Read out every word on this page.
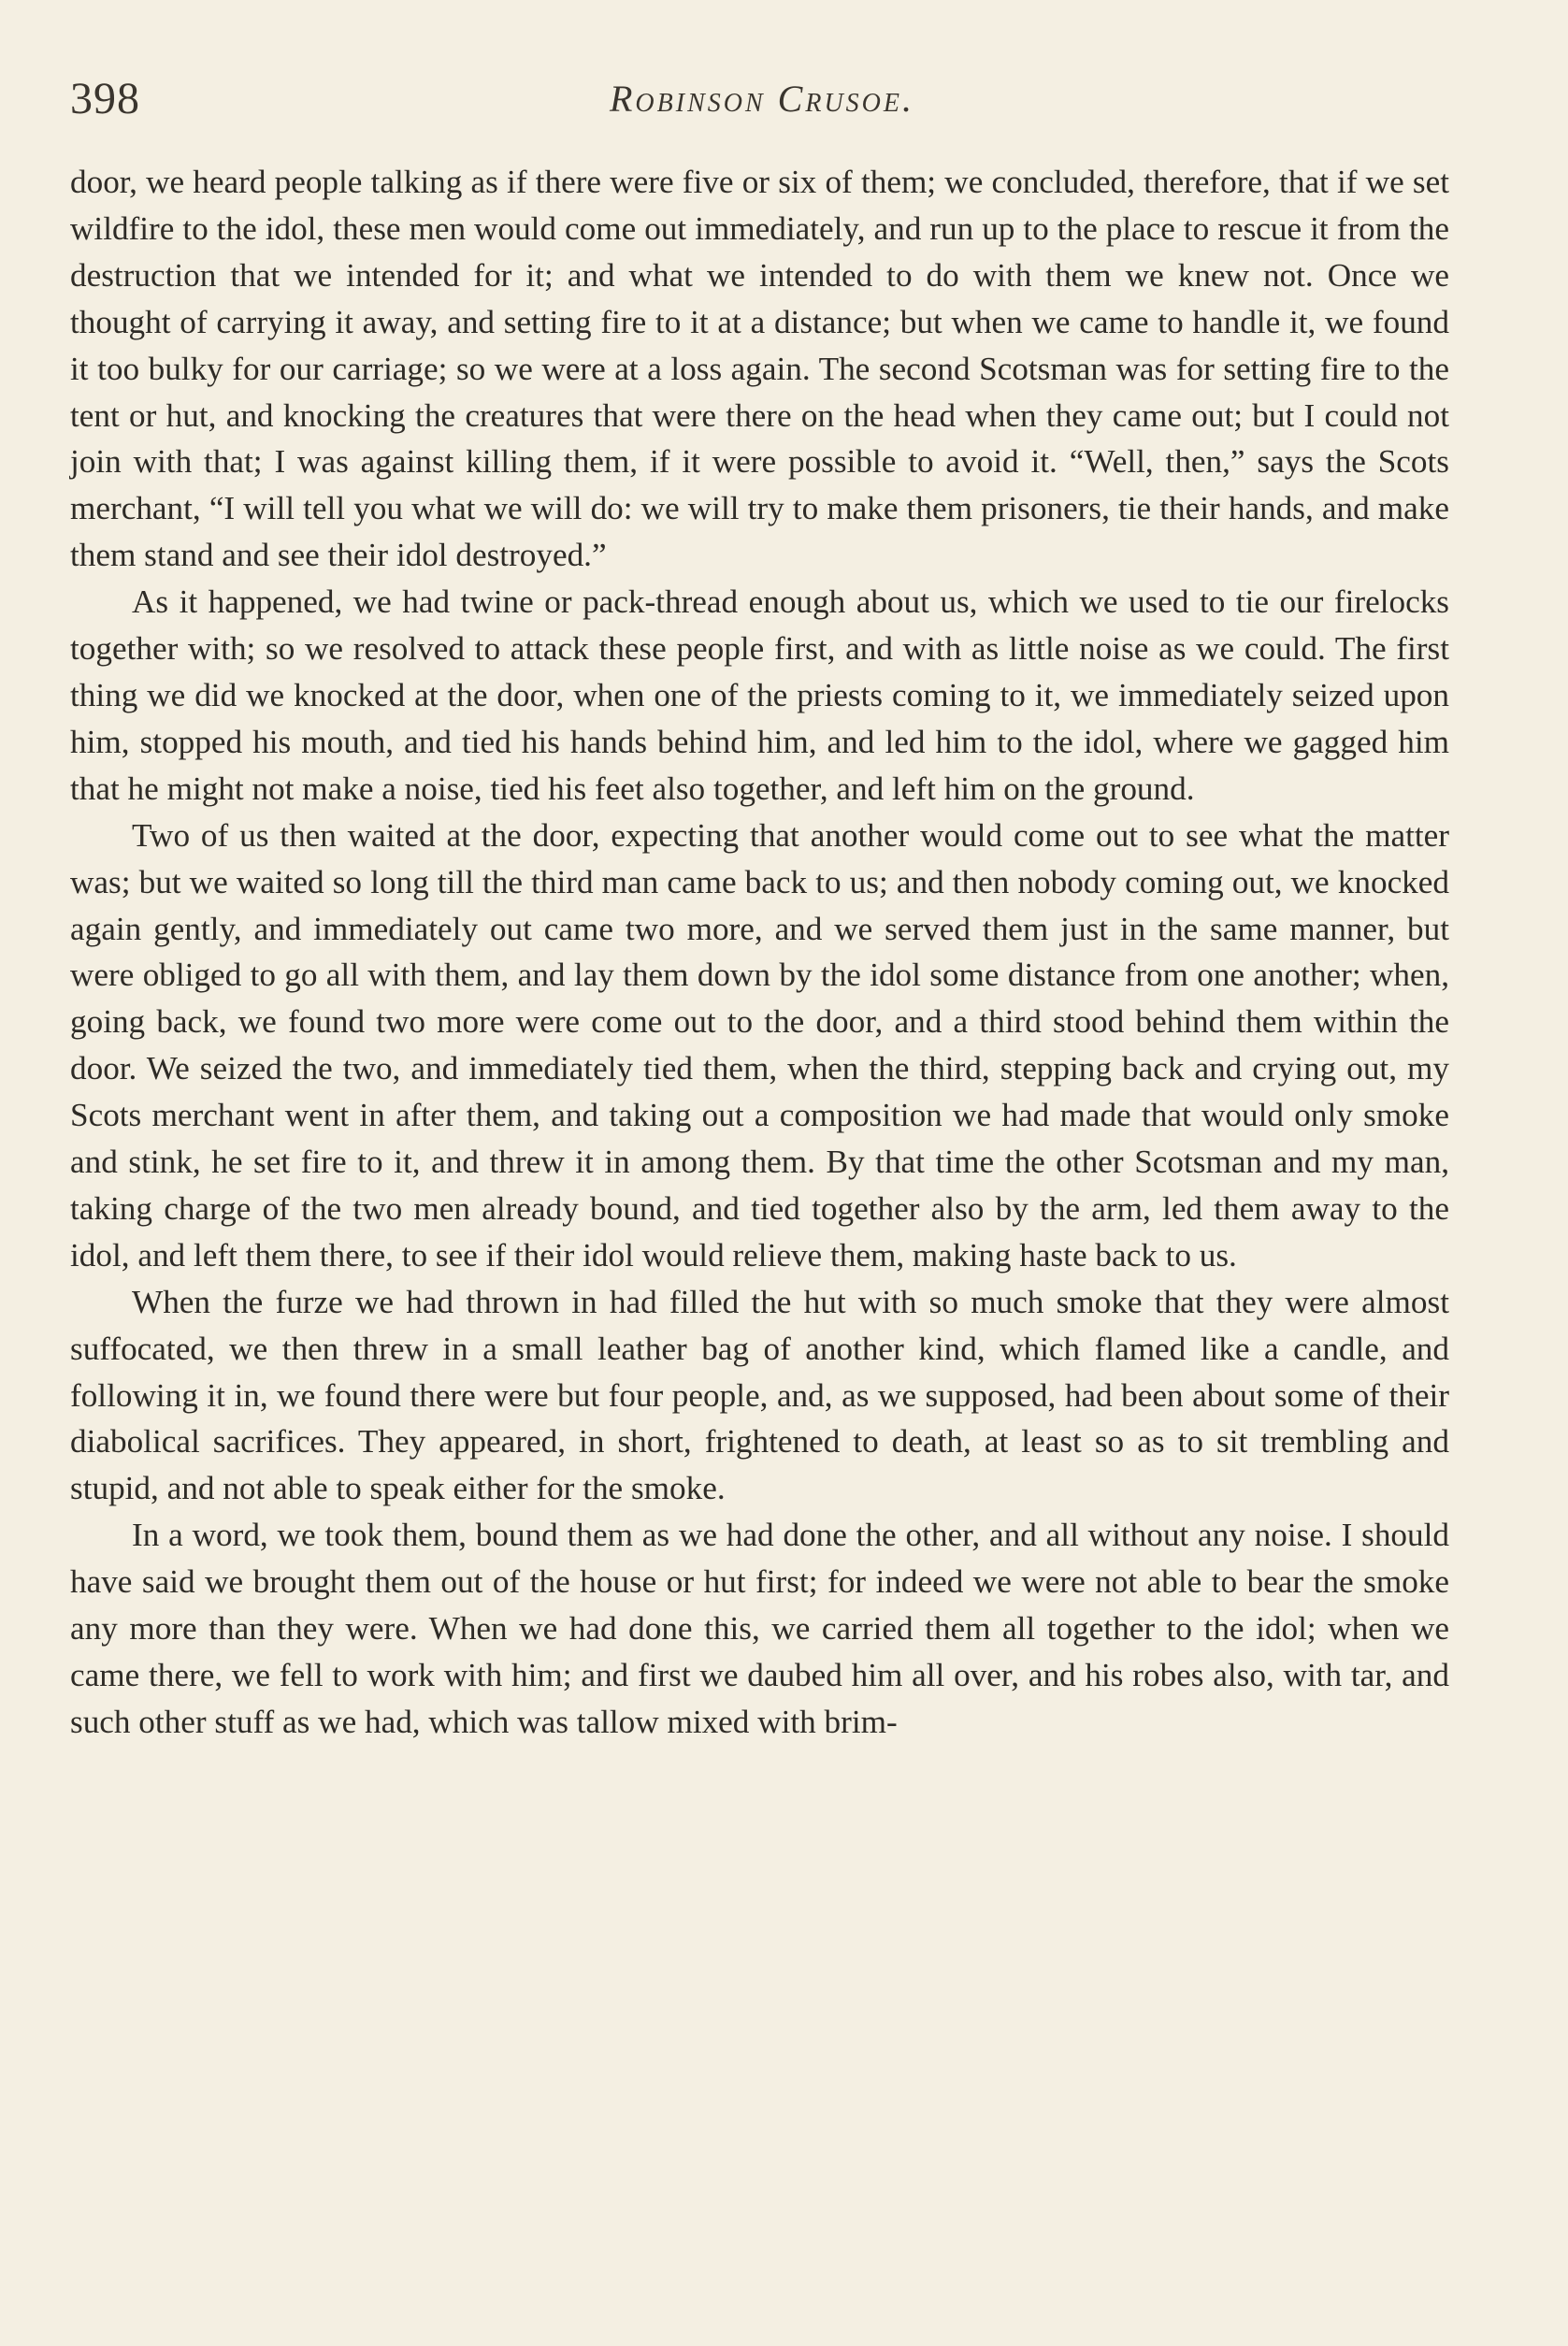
398	Robinson Crusoe.

door, we heard people talking as if there were five or six of them; we concluded, therefore, that if we set wildfire to the idol, these men would come out immediately, and run up to the place to rescue it from the destruction that we intended for it; and what we intended to do with them we knew not. Once we thought of carrying it away, and setting fire to it at a distance; but when we came to handle it, we found it too bulky for our carriage; so we were at a loss again. The second Scotsman was for setting fire to the tent or hut, and knocking the creatures that were there on the head when they came out; but I could not join with that; I was against killing them, if it were possible to avoid it. “Well, then,” says the Scots merchant, “I will tell you what we will do: we will try to make them prisoners, tie their hands, and make them stand and see their idol destroyed.”

As it happened, we had twine or pack-thread enough about us, which we used to tie our firelocks together with; so we resolved to attack these people first, and with as little noise as we could. The first thing we did we knocked at the door, when one of the priests coming to it, we immediately seized upon him, stopped his mouth, and tied his hands behind him, and led him to the idol, where we gagged him that he might not make a noise, tied his feet also together, and left him on the ground.

Two of us then waited at the door, expecting that another would come out to see what the matter was; but we waited so long till the third man came back to us; and then nobody coming out, we knocked again gently, and immediately out came two more, and we served them just in the same manner, but were obliged to go all with them, and lay them down by the idol some distance from one another; when, going back, we found two more were come out to the door, and a third stood behind them within the door. We seized the two, and immediately tied them, when the third, stepping back and crying out, my Scots merchant went in after them, and taking out a composition we had made that would only smoke and stink, he set fire to it, and threw it in among them. By that time the other Scotsman and my man, taking charge of the two men already bound, and tied together also by the arm, led them away to the idol, and left them there, to see if their idol would relieve them, making haste back to us.

When the furze we had thrown in had filled the hut with so much smoke that they were almost suffocated, we then threw in a small leather bag of another kind, which flamed like a candle, and following it in, we found there were but four people, and, as we supposed, had been about some of their diabolical sacrifices. They appeared, in short, frightened to death, at least so as to sit trembling and stupid, and not able to speak either for the smoke.

In a word, we took them, bound them as we had done the other, and all without any noise. I should have said we brought them out of the house or hut first; for indeed we were not able to bear the smoke any more than they were. When we had done this, we carried them all together to the idol; when we came there, we fell to work with him; and first we daubed him all over, and his robes also, with tar, and such other stuff as we had, which was tallow mixed with brim-
